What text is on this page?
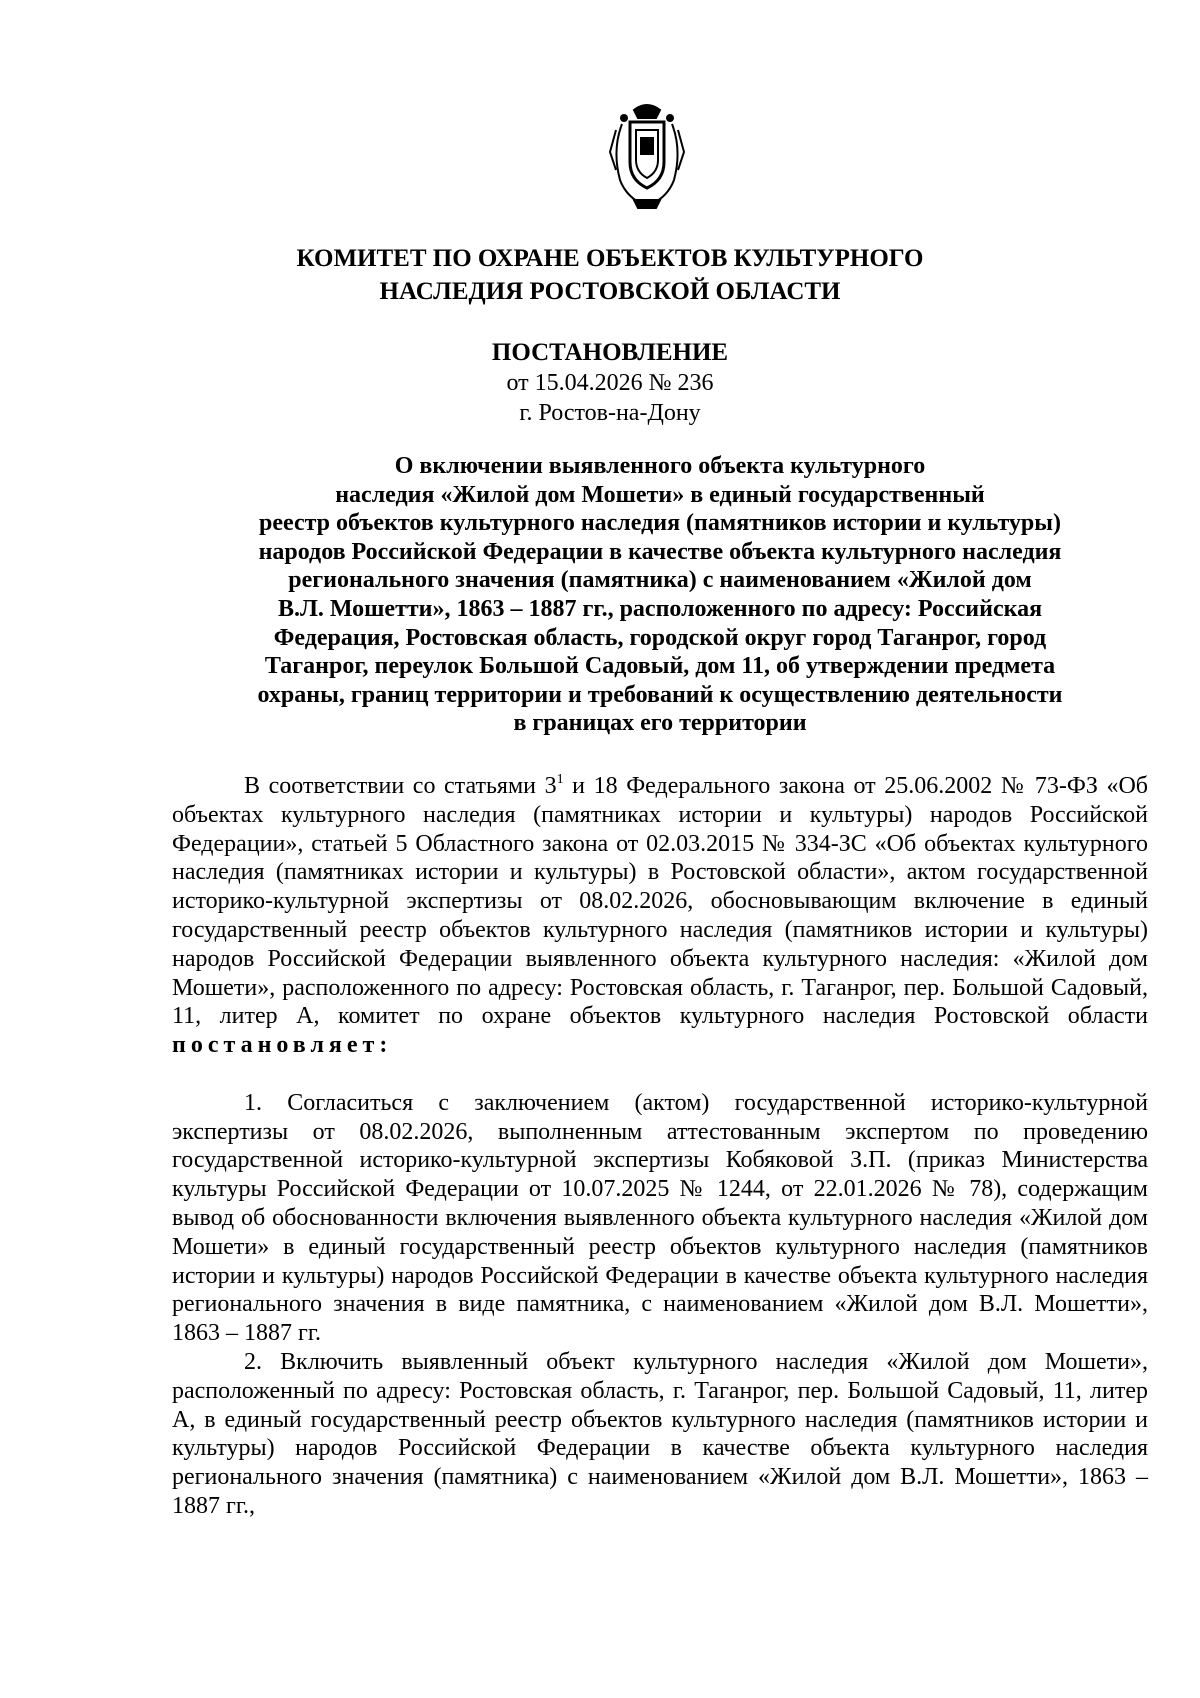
КОМИТЕТ ПО ОХРАНЕ ОБЪЕКТОВ КУЛЬТУРНОГО
НАСЛЕДИЯ РОСТОВСКОЙ ОБЛАСТИ
ПОСТАНОВЛЕНИЕ
от 15.04.2026 № 236
г. Ростов-на-Дону
О включении выявленного объекта культурного
наследия «Жилой дом Мошети» в единый государственный
реестр объектов культурного наследия (памятников истории и культуры)
народов Российской Федерации в качестве объекта культурного наследия
регионального значения (памятника) с наименованием «Жилой дом
В.Л. Мошетти», 1863 – 1887 гг., расположенного по адресу: Российская
Федерация, Ростовская область, городской округ город Таганрог, город
Таганрог, переулок Большой Садовый, дом 11, об утверждении предмета
охраны, границ территории и требований к осуществлению деятельности
в границах его территории

В соответствии со статьями $3^1$ и 18 Федерального закона от 25.06.2002 № 73-ФЗ «Об объектах культурного наследия (памятниках истории и культуры) народов Российской Федерации», статьей 5 Областного закона от 02.03.2015 № 334-ЗС «Об объектах культурного наследия (памятниках истории и культуры) в Ростовской области», актом государственной историко-культурной экспертизы от 08.02.2026, обосновывающим включение в единый государственный реестр объектов культурного наследия (памятников истории и культуры) народов Российской Федерации выявленного объекта культурного наследия: «Жилой дом Мошети», расположенного по адресу: Ростовская область, г. Таганрог, пер. Большой Садовый, 11, литер А, комитет по охране объектов культурного наследия Ростовской области постановляет:

1. Согласиться с заключением (актом) государственной историко-культурной экспертизы от 08.02.2026, выполненным аттестованным экспертом по проведению государственной историко-культурной экспертизы Кобяковой З.П. (приказ Министерства культуры Российской Федерации от 10.07.2025 № 1244, от 22.01.2026 № 78), содержащим вывод об обоснованности включения выявленного объекта культурного наследия «Жилой дом Мошети» в единый государственный реестр объектов культурного наследия (памятников истории и культуры) народов Российской Федерации в качестве объекта культурного наследия регионального значения в виде памятника, с наименованием «Жилой дом В.Л. Мошетти», 1863 – 1887 гг.

2. Включить выявленный объект культурного наследия «Жилой дом Мошети», расположенный по адресу: Ростовская область, г. Таганрог, пер. Большой Садовый, 11, литер А, в единый государственный реестр объектов культурного наследия (памятников истории и культуры) народов Российской Федерации в качестве объекта культурного наследия регионального значения (памятника) с наименованием «Жилой дом В.Л. Мошетти», 1863 – 1887 гг.,
